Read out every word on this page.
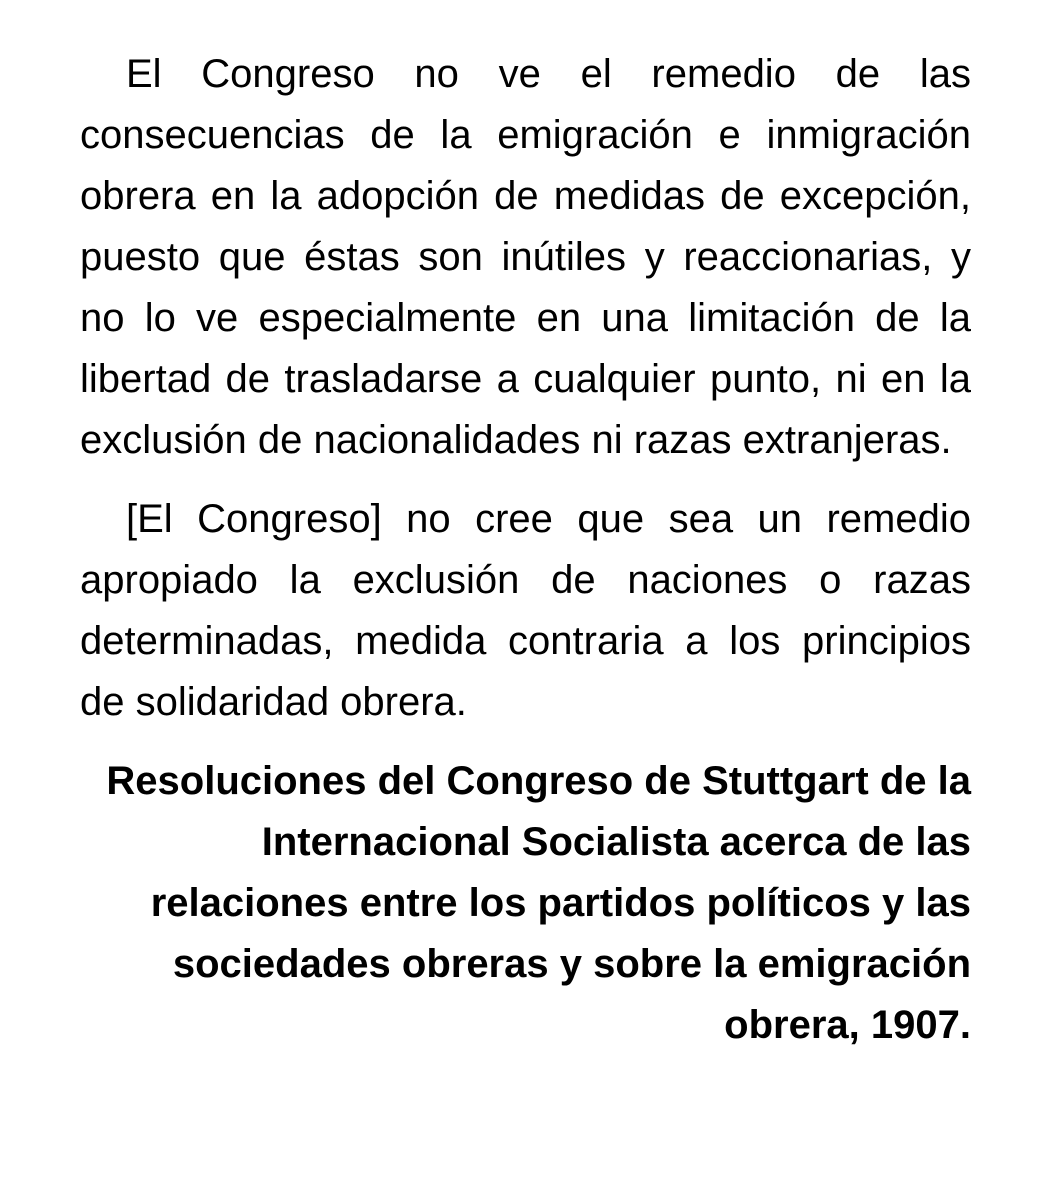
El Congreso no ve el remedio de las consecuencias de la emigración e inmigración obrera en la adopción de medidas de excepción, puesto que éstas son inútiles y reaccionarias, y no lo ve especialmente en una limitación de la libertad de trasladarse a cualquier punto, ni en la exclusión de nacionalidades ni razas extranjeras.

[El Congreso] no cree que sea un remedio apropiado la exclusión de naciones o razas determinadas, medida contraria a los principios de solidaridad obrera.

Resoluciones del Congreso de Stuttgart de la Internacional Socialista acerca de las relaciones entre los partidos políticos y las sociedades obreras y sobre la emigración obrera, 1907.
